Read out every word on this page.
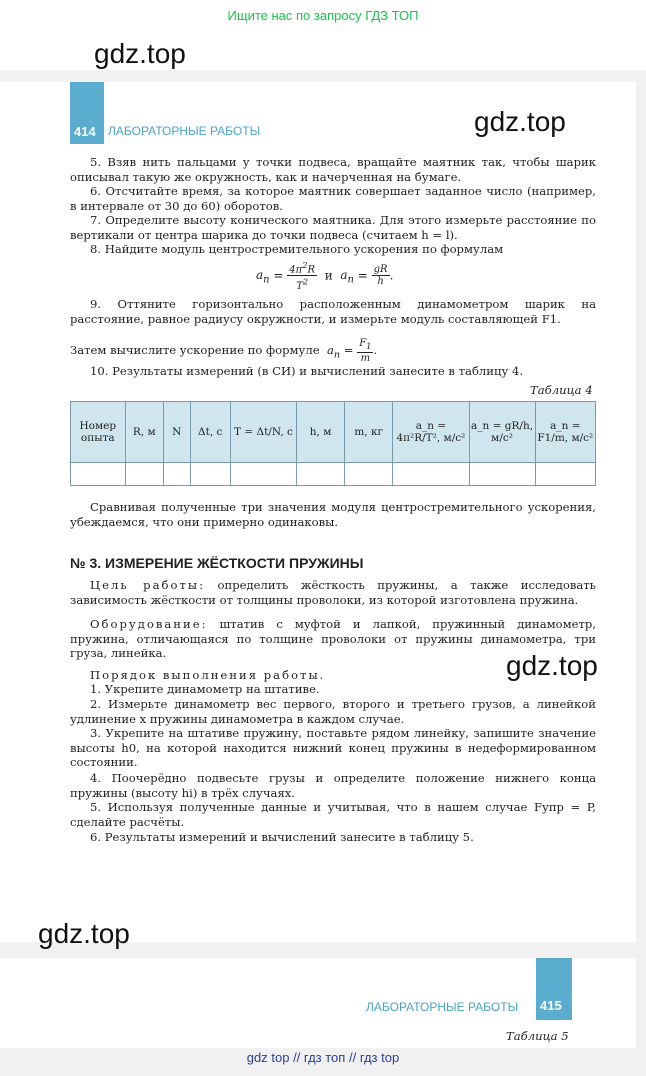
Ищите нас по запросу ГДЗ ТОП
gdz.top
414	ЛАБОРАТОРНЫЕ РАБОТЫ	gdz.top
5. Взяв нить пальцами у точки подвеса, вращайте маятник так, чтобы шарик описывал такую же окружность, как и начерченная на бумаге.
6. Отсчитайте время, за которое маятник совершает заданное число (например, в интервале от 30 до 60) оборотов.
7. Определите высоту конического маятника. Для этого измерьте расстояние по вертикали от центра шарика до точки подвеса (считаем h = l).
8. Найдите модуль центростремительного ускорения по формулам
$a_n = \frac{4\pi^2R}{T^2}$  и  $a_n = \frac{gR}{h}$.
9. Оттяните горизонтально расположенным динамометром шарик на расстояние, равное радиусу окружности, и измерьте модуль составляющей F1.
Затем вычислите ускорение по формуле  $a_n = \frac{F_1}{m}$.
10. Результаты измерений (в СИ) и вычислений занесите в таблицу 4.
Таблица 4
Номер опыта	R, м	N	Δt, с	T = Δt/N, с	h, м	m, кг	a_n = 4π²R/T², м/с²	a_n = gR/h, м/с²	a_n = F1/m, м/с²

Сравнивая полученные три значения модуля центростремительного ускорения, убеждаемся, что они примерно одинаковы.
№ 3. ИЗМЕРЕНИЕ ЖЁСТКОСТИ ПРУЖИНЫ
Цель работы: определить жёсткость пружины, а также исследовать зависимость жёсткости от толщины проволоки, из которой изготовлена пружина.
Оборудование: штатив с муфтой и лапкой, пружинный динамометр, пружина, отличающаяся по толщине проволоки от пружины динамометра, три груза, линейка.	gdz.top
Порядок выполнения работы.
1. Укрепите динамометр на штативе.
2. Измерьте динамометр вес первого, второго и третьего грузов, а линейкой удлинение x пружины динамометра в каждом случае.
3. Укрепите на штативе пружину, поставьте рядом линейку, запишите значение высоты h0, на которой находится нижний конец пружины в недеформированном состоянии.
4. Поочерёдно подвесьте грузы и определите положение нижнего конца пружины (высоту hi) в трёх случаях.
5. Используя полученные данные и учитывая, что в нашем случае Fупр = P, сделайте расчёты.
6. Результаты измерений и вычислений занесите в таблицу 5.
gdz.top
ЛАБОРАТОРНЫЕ РАБОТЫ	415
Таблица 5
gdz top // гдз топ // гдз top
